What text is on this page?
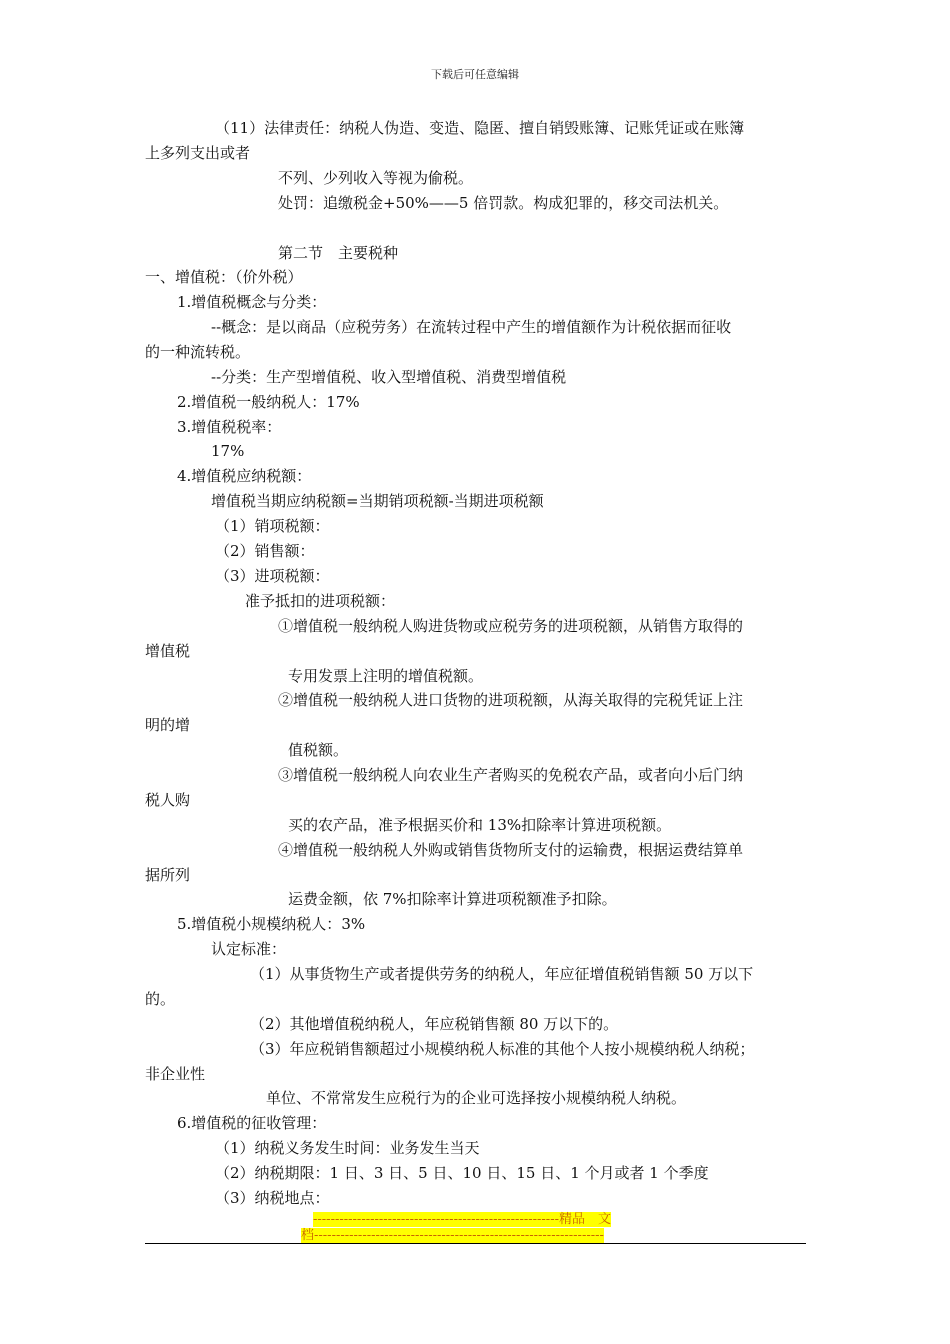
下载后可任意编辑
（11）法律责任：纳税人伪造、变造、隐匿、擅自销毁账簿、记账凭证或在账簿
上多列支出或者
不列、少列收入等视为偷税。
处罚：追缴税金+50%——5 倍罚款。构成犯罪的，移交司法机关。
第二节　主要税种
一、增值税：（价外税）
1.增值税概念与分类：
--概念：是以商品（应税劳务）在流转过程中产生的增值额作为计税依据而征收
的一种流转税。
--分类：生产型增值税、收入型增值税、消费型增值税
2.增值税一般纳税人：17%
3.增值税税率：
17%
4.增值税应纳税额：
增值税当期应纳税额=当期销项税额-当期进项税额
（1）销项税额：
（2）销售额：
（3）进项税额：
准予抵扣的进项税额：
①增值税一般纳税人购进货物或应税劳务的进项税额，从销售方取得的
增值税
专用发票上注明的增值税额。
②增值税一般纳税人进口货物的进项税额，从海关取得的完税凭证上注
明的增
值税额。
③增值税一般纳税人向农业生产者购买的免税农产品，或者向小后门纳
税人购
买的农产品，准予根据买价和 13%扣除率计算进项税额。
④增值税一般纳税人外购或销售货物所支付的运输费，根据运费结算单
据所列
运费金额，依 7%扣除率计算进项税额准予扣除。
5.增值税小规模纳税人：3%
认定标准：
（1）从事货物生产或者提供劳务的纳税人，年应征增值税销售额 50 万以下
的。
（2）其他增值税纳税人，年应税销售额 80 万以下的。
（3）年应税销售额超过小规模纳税人标准的其他个人按小规模纳税人纳税；
非企业性
单位、不常常发生应税行为的企业可选择按小规模纳税人纳税。
6.增值税的征收管理：
（1）纳税义务发生时间：业务发生当天
（2）纳税期限：1 日、3 日、5 日、10 日、15 日、1 个月或者 1 个季度
（3）纳税地点：
--------------------------------------------------------精品　文
档------------------------------------------------------------------
